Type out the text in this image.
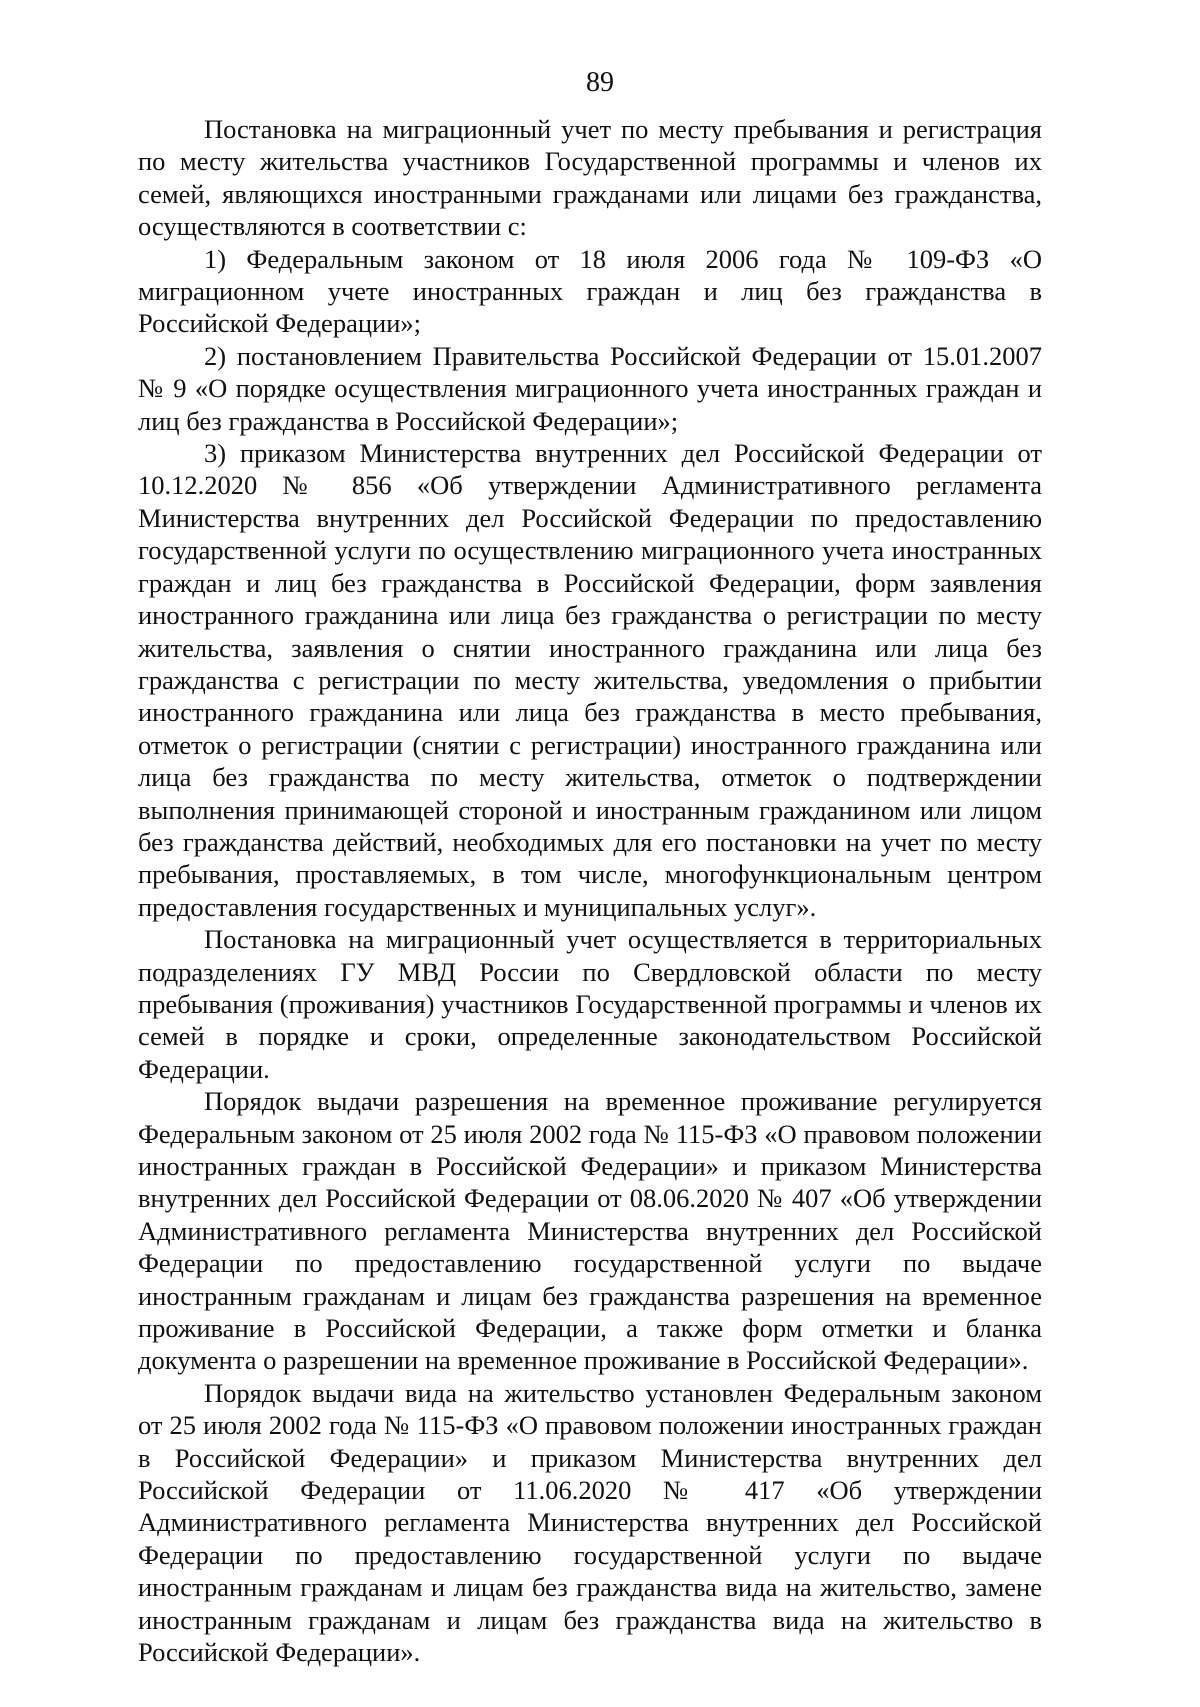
89

Постановка на миграционный учет по месту пребывания и регистрация по месту жительства участников Государственной программы и членов их семей, являющихся иностранными гражданами или лицами без гражданства, осуществляются в соответствии с:

1) Федеральным законом от 18 июля 2006 года № 109-ФЗ «О миграционном учете иностранных граждан и лиц без гражданства в Российской Федерации»;

2) постановлением Правительства Российской Федерации от 15.01.2007 № 9 «О порядке осуществления миграционного учета иностранных граждан и лиц без гражданства в Российской Федерации»;

3) приказом Министерства внутренних дел Российской Федерации от 10.12.2020 № 856 «Об утверждении Административного регламента Министерства внутренних дел Российской Федерации по предоставлению государственной услуги по осуществлению миграционного учета иностранных граждан и лиц без гражданства в Российской Федерации, форм заявления иностранного гражданина или лица без гражданства о регистрации по месту жительства, заявления о снятии иностранного гражданина или лица без гражданства с регистрации по месту жительства, уведомления о прибытии иностранного гражданина или лица без гражданства в место пребывания, отметок о регистрации (снятии с регистрации) иностранного гражданина или лица без гражданства по месту жительства, отметок о подтверждении выполнения принимающей стороной и иностранным гражданином или лицом без гражданства действий, необходимых для его постановки на учет по месту пребывания, проставляемых, в том числе, многофункциональным центром предоставления государственных и муниципальных услуг».

Постановка на миграционный учет осуществляется в территориальных подразделениях ГУ МВД России по Свердловской области по месту пребывания (проживания) участников Государственной программы и членов их семей в порядке и сроки, определенные законодательством Российской Федерации.

Порядок выдачи разрешения на временное проживание регулируется Федеральным законом от 25 июля 2002 года № 115-ФЗ «О правовом положении иностранных граждан в Российской Федерации» и приказом Министерства внутренних дел Российской Федерации от 08.06.2020 № 407 «Об утверждении Административного регламента Министерства внутренних дел Российской Федерации по предоставлению государственной услуги по выдаче иностранным гражданам и лицам без гражданства разрешения на временное проживание в Российской Федерации, а также форм отметки и бланка документа о разрешении на временное проживание в Российской Федерации».

Порядок выдачи вида на жительство установлен Федеральным законом от 25 июля 2002 года № 115-ФЗ «О правовом положении иностранных граждан в Российской Федерации» и приказом Министерства внутренних дел Российской Федерации от 11.06.2020 № 417 «Об утверждении Административного регламента Министерства внутренних дел Российской Федерации по предоставлению государственной услуги по выдаче иностранным гражданам и лицам без гражданства вида на жительство, замене иностранным гражданам и лицам без гражданства вида на жительство в Российской Федерации».
